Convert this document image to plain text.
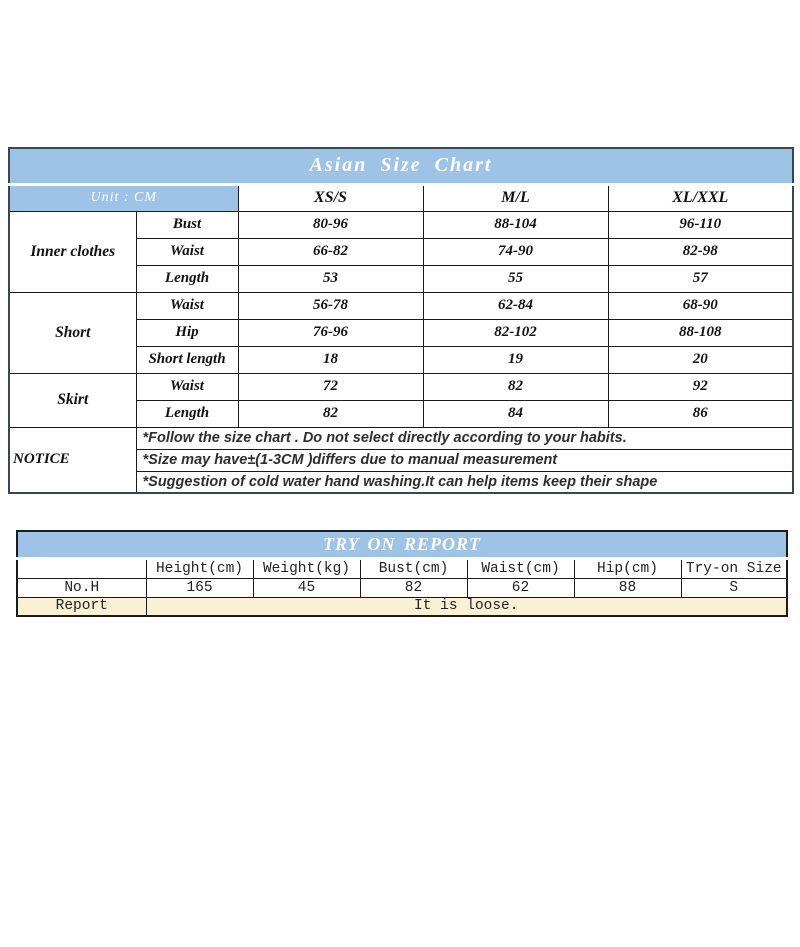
Asian Size Chart				
Unit : CM		XS/S	M/L	XL/XXL
Inner clothes	Bust	80-96	88-104	96-110
	Waist	66-82	74-90	82-98
	Length	53	55	57
Short	Waist	56-78	62-84	68-90
	Hip	76-96	82-102	88-108
	Short length	18	19	20
Skirt	Waist	72	82	92
	Length	82	84	86
NOTICE	*Follow the size chart . Do not select directly according to your habits.			
	*Size may have±(1-3CM )differs due to manual measurement			
	*Suggestion of cold water hand washing.It can help items keep their shape			
TRY ON REPORT						
	Height(cm)	Weight(kg)	Bust(cm)	Waist(cm)	Hip(cm)	Try-on Size
No.H	165	45	82	62	88	S
Report	It is loose.					
